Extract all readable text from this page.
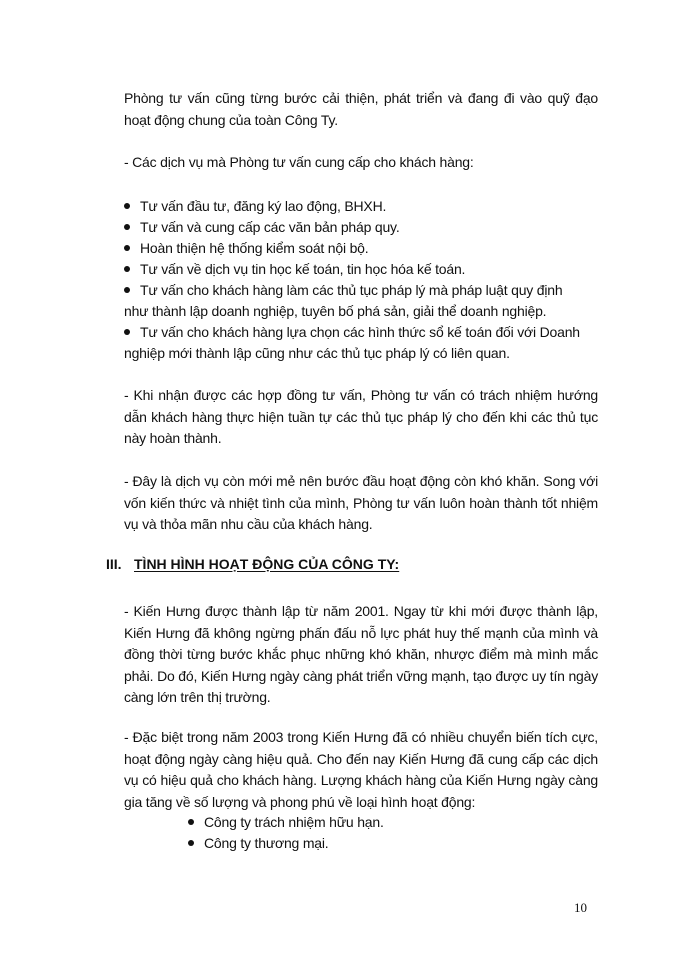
Phòng tư vấn cũng từng bước cải thiện, phát triển và đang đi vào quỹ đạo hoạt động chung của toàn Công Ty.
- Các dịch vụ mà Phòng tư vấn cung cấp cho khách hàng:
Tư vấn đầu tư, đăng ký lao động, BHXH.
Tư vấn và cung cấp các văn bản pháp quy.
Hoàn thiện hệ thống kiểm soát nội bộ.
Tư vấn về dịch vụ tin học kế toán, tin học hóa kế toán.
Tư vấn cho khách hàng làm các thủ tục pháp lý mà pháp luật quy định
như thành lập doanh nghiệp, tuyên bố phá sản, giải thể doanh nghiệp.
Tư vấn cho khách hàng lựa chọn các hình thức sổ kế toán đối với Doanh
nghiệp mới thành lập cũng như các thủ tục pháp lý có liên quan.
- Khi nhận được các hợp đồng tư vấn, Phòng tư vấn có trách nhiệm hướng dẫn khách hàng thực hiện tuần tự các thủ tục pháp lý cho đến khi các thủ tục này hoàn thành.
- Đây là dịch vụ còn mới mẻ nên bước đầu hoạt động còn khó khăn. Song với vốn kiến thức và nhiệt tình của mình, Phòng tư vấn luôn hoàn thành tốt nhiệm vụ và thỏa mãn nhu cầu của khách hàng.
III. TÌNH HÌNH HOẠT ĐỘNG CỦA CÔNG TY:
- Kiến Hưng được thành lập từ năm 2001. Ngay từ khi mới được thành lập, Kiến Hưng đã không ngừng phấn đấu nỗ lực phát huy thế mạnh của mình và đồng thời từng bước khắc phục những khó khăn, nhược điểm mà mình mắc phải. Do đó, Kiến Hưng ngày càng phát triển vững mạnh, tạo được uy tín ngày càng lớn trên thị trường.
- Đặc biệt trong năm 2003 trong Kiến Hưng đã có nhiều chuyển biến tích cực, hoạt động ngày càng hiệu quả. Cho đến nay Kiến Hưng đã cung cấp các dịch vụ có hiệu quả cho khách hàng. Lượng khách hàng của Kiến Hưng ngày càng gia tăng về số lượng và phong phú về loại hình hoạt động:
Công ty trách nhiệm hữu hạn.
Công ty thương mại.
10
